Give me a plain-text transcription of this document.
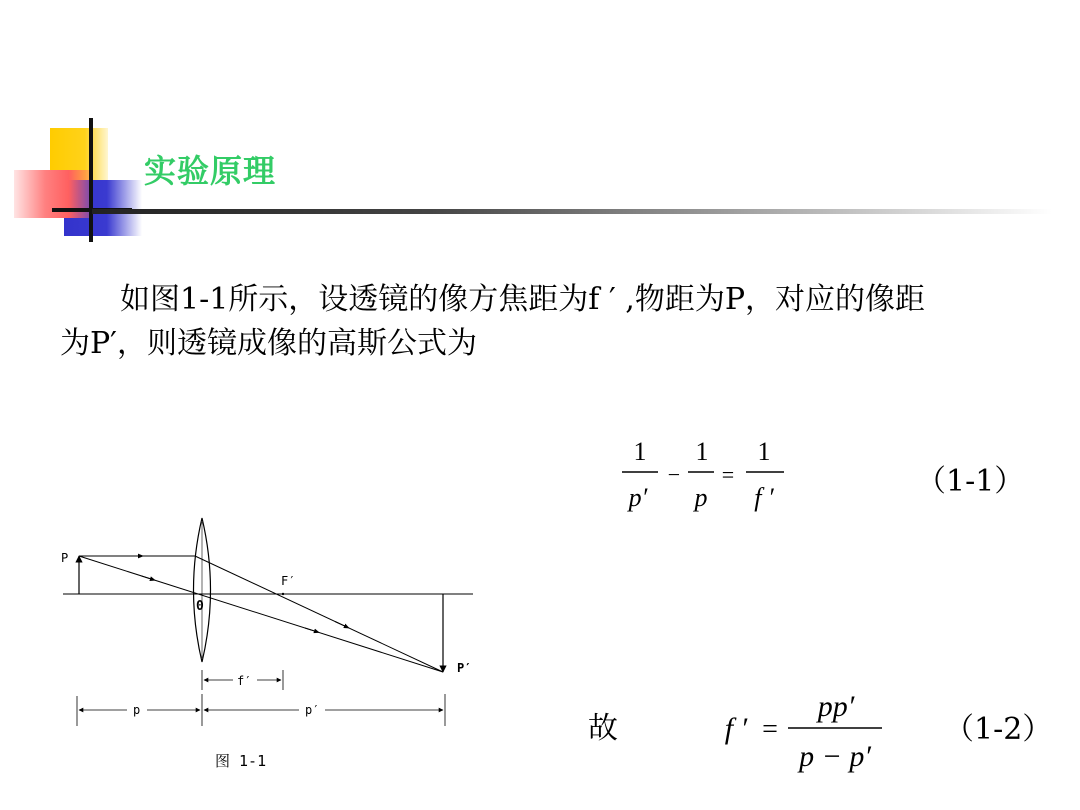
实验原理
如图1-1所示，设透镜的像方焦距为f ′ ,物距为P，对应的像距
为P′，则透镜成像的高斯公式为
1
p′
−
1
p
=
1
f ′	（1-1）
故	f ′ =
pp′
p − p′
（1-2）
P
0
F′
P′
f′
p	p′
图 1-1
